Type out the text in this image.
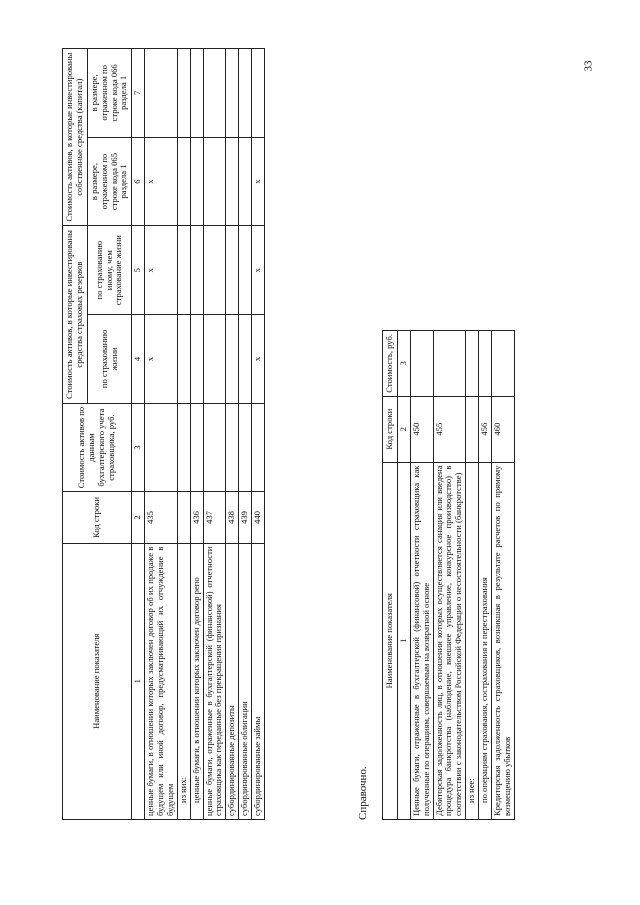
33
Наименование показателя	Код строки	Стоимость активов по данным бухгалтерского учета страховщика, руб.	Стоимость активов, в которые инвестированы средства страховых резервов		Стоимость активов, в которые инвестированы собственные средства (капитал)	
			по страхованию жизни	по страхованию иному, чем страхование жизни	в размере, отраженном по строке кода 065 раздела 1	в размере, отраженном по строке кода 066 раздела 1
1	2	3	4	5	6	7
ценные бумаги, в отношении которых заключен договор об их продаже в будущем или иной договор, предусматривающий их отчуждение в будущем	435		x	x	x	
из них:						
ценные бумаги, в отношении которых заключен договор репо	436					
ценные бумаги, отраженные в бухгалтерской (финансовой) отчетности страховщика как переданные без прекращения признания	437					
субординированные депозиты	438					
субординированные облигации	439					
субординированные займы	440		x	x	x	
Справочно.
Наименование показателя	Код строки	Стоимость, руб.
1	2	3
Ценные бумаги, отраженные в бухгалтерской (финансовой) отчетности страховщика как полученные по операциям, совершаемым на возвратной основе	450	
Дебиторская задолженность лиц, в отношении которых осуществляется санация или введена процедура банкротства (наблюдение, внешнее управление, конкурсное производство) в соответствии с законодательством Российской Федерации о несостоятельности (банкротстве)	455	
из нее:		
по операциям страхования, сострахования и перестрахования	456	
Кредиторская задолженность страховщиков, возникшая в результате расчетов по прямому возмещению убытков	460	
